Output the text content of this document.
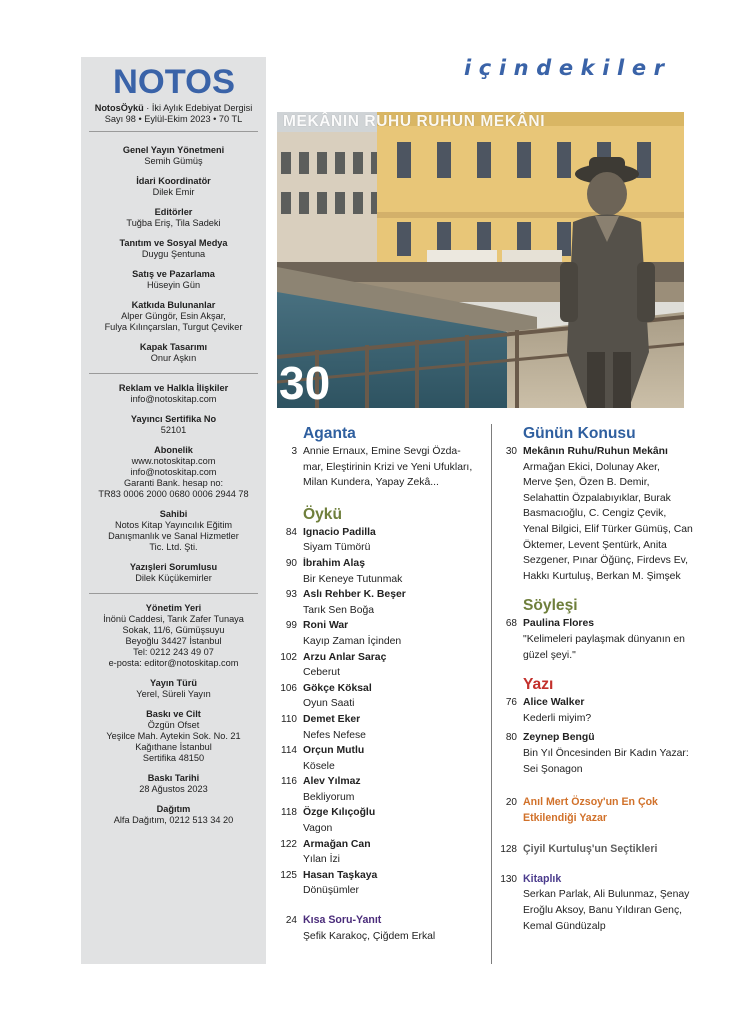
NOTOS
NotosÖykü · İki Aylık Edebiyat Dergisi
Sayı 98 • Eylül-Ekim 2023 • 70 TL
Genel Yayın Yönetmeni
Semih Gümüş
İdari Koordinatör
Dilek Emir
Editörler
Tuğba Eriş, Tila Sadeki
Tanıtım ve Sosyal Medya
Duygu Şentuna
Satış ve Pazarlama
Hüseyin Gün
Katkıda Bulunanlar
Alper Güngör, Esin Akşar,
Fulya Kılınçarslan, Turgut Çeviker
Kapak Tasarımı
Onur Aşkın
Reklam ve Halkla İlişkiler
info@notoskitap.com
Yayıncı Sertifika No
52101
Abonelik
www.notoskitap.com
info@notoskitap.com
Garanti Bank. hesap no:
TR83 0006 2000 0680 0006 2944 78
Sahibi
Notos Kitap Yayıncılık Eğitim
Danışmanlık ve Sanal Hizmetler
Tic. Ltd. Şti.
Yazışleri Sorumlusu
Dilek Küçükemirler
Yönetim Yeri
İnönü Caddesi, Tarık Zafer Tunaya
Sokak, 11/6, Gümüşsuyu
Beyoğlu 34427 İstanbul
Tel: 0212 243 49 07
e-posta: editor@notoskitap.com
Yayın Türü
Yerel, Süreli Yayın
Baskı ve Cilt
Özgün Ofset
Yeşilce Mah. Aytekin Sok. No. 21
Kağıthane İstanbul
Sertifika 48150
Baskı Tarihi
28 Ağustos 2023
Dağıtım
Alfa Dağıtım, 0212 513 34 20
içindekiler
MEKÂNIN RUHU RUHUN MEKÂNI
30
Aganta
3 Annie Ernaux, Emine Sevgi Özda-
mar, Eleştirinin Krizi ve Yeni Ufukları,
Milan Kundera, Yapay Zekâ...
Öykü
84 Ignacio Padilla
Siyam Tümörü
90 İbrahim Alaş
Bir Keneye Tutunmak
93 Aslı Rehber K. Beşer
Tarık Sen Boğa
99 Roni War
Kayıp Zaman İçinden
102 Arzu Anlar Saraç
Ceberut
106 Gökçe Köksal
Oyun Saati
110 Demet Eker
Nefes Nefese
114 Orçun Mutlu
Kösele
116 Alev Yılmaz
Bekliyorum
118 Özge Kılıçoğlu
Vagon
122 Armağan Can
Yılan İzi
125 Hasan Taşkaya
Dönüşümler
24 Kısa Soru-Yanıt
Şefik Karakoç, Çiğdem Erkal
Günün Konusu
30 Mekânın Ruhu/Ruhun Mekânı
Armağan Ekici, Dolunay Aker,
Merve Şen, Özen B. Demir,
Selahattin Özpalabıyıklar, Burak
Basmacıoğlu, C. Cengiz Çevik,
Yenal Bilgici, Elif Türker Gümüş, Can
Öktemer, Levent Şentürk, Anita
Sezgener, Pınar Öğünç, Firdevs Ev,
Hakkı Kurtuluş, Berkan M. Şimşek
Söyleşi
68 Paulina Flores
"Kelimeleri paylaşmak dünyanın en
güzel şeyi."
Yazı
76 Alice Walker
Kederli miyim?
80 Zeynep Bengü
Bin Yıl Öncesinden Bir Kadın Yazar:
Sei Şonagon
20 Anıl Mert Özsoy'un En Çok
Etkilendiği Yazar
128 Çiyil Kurtuluş'un Seçtikleri
130 Kitaplık
Serkan Parlak, Ali Bulunmaz, Şenay
Eroğlu Aksoy, Banu Yıldıran Genç,
Kemal Gündüzalp
